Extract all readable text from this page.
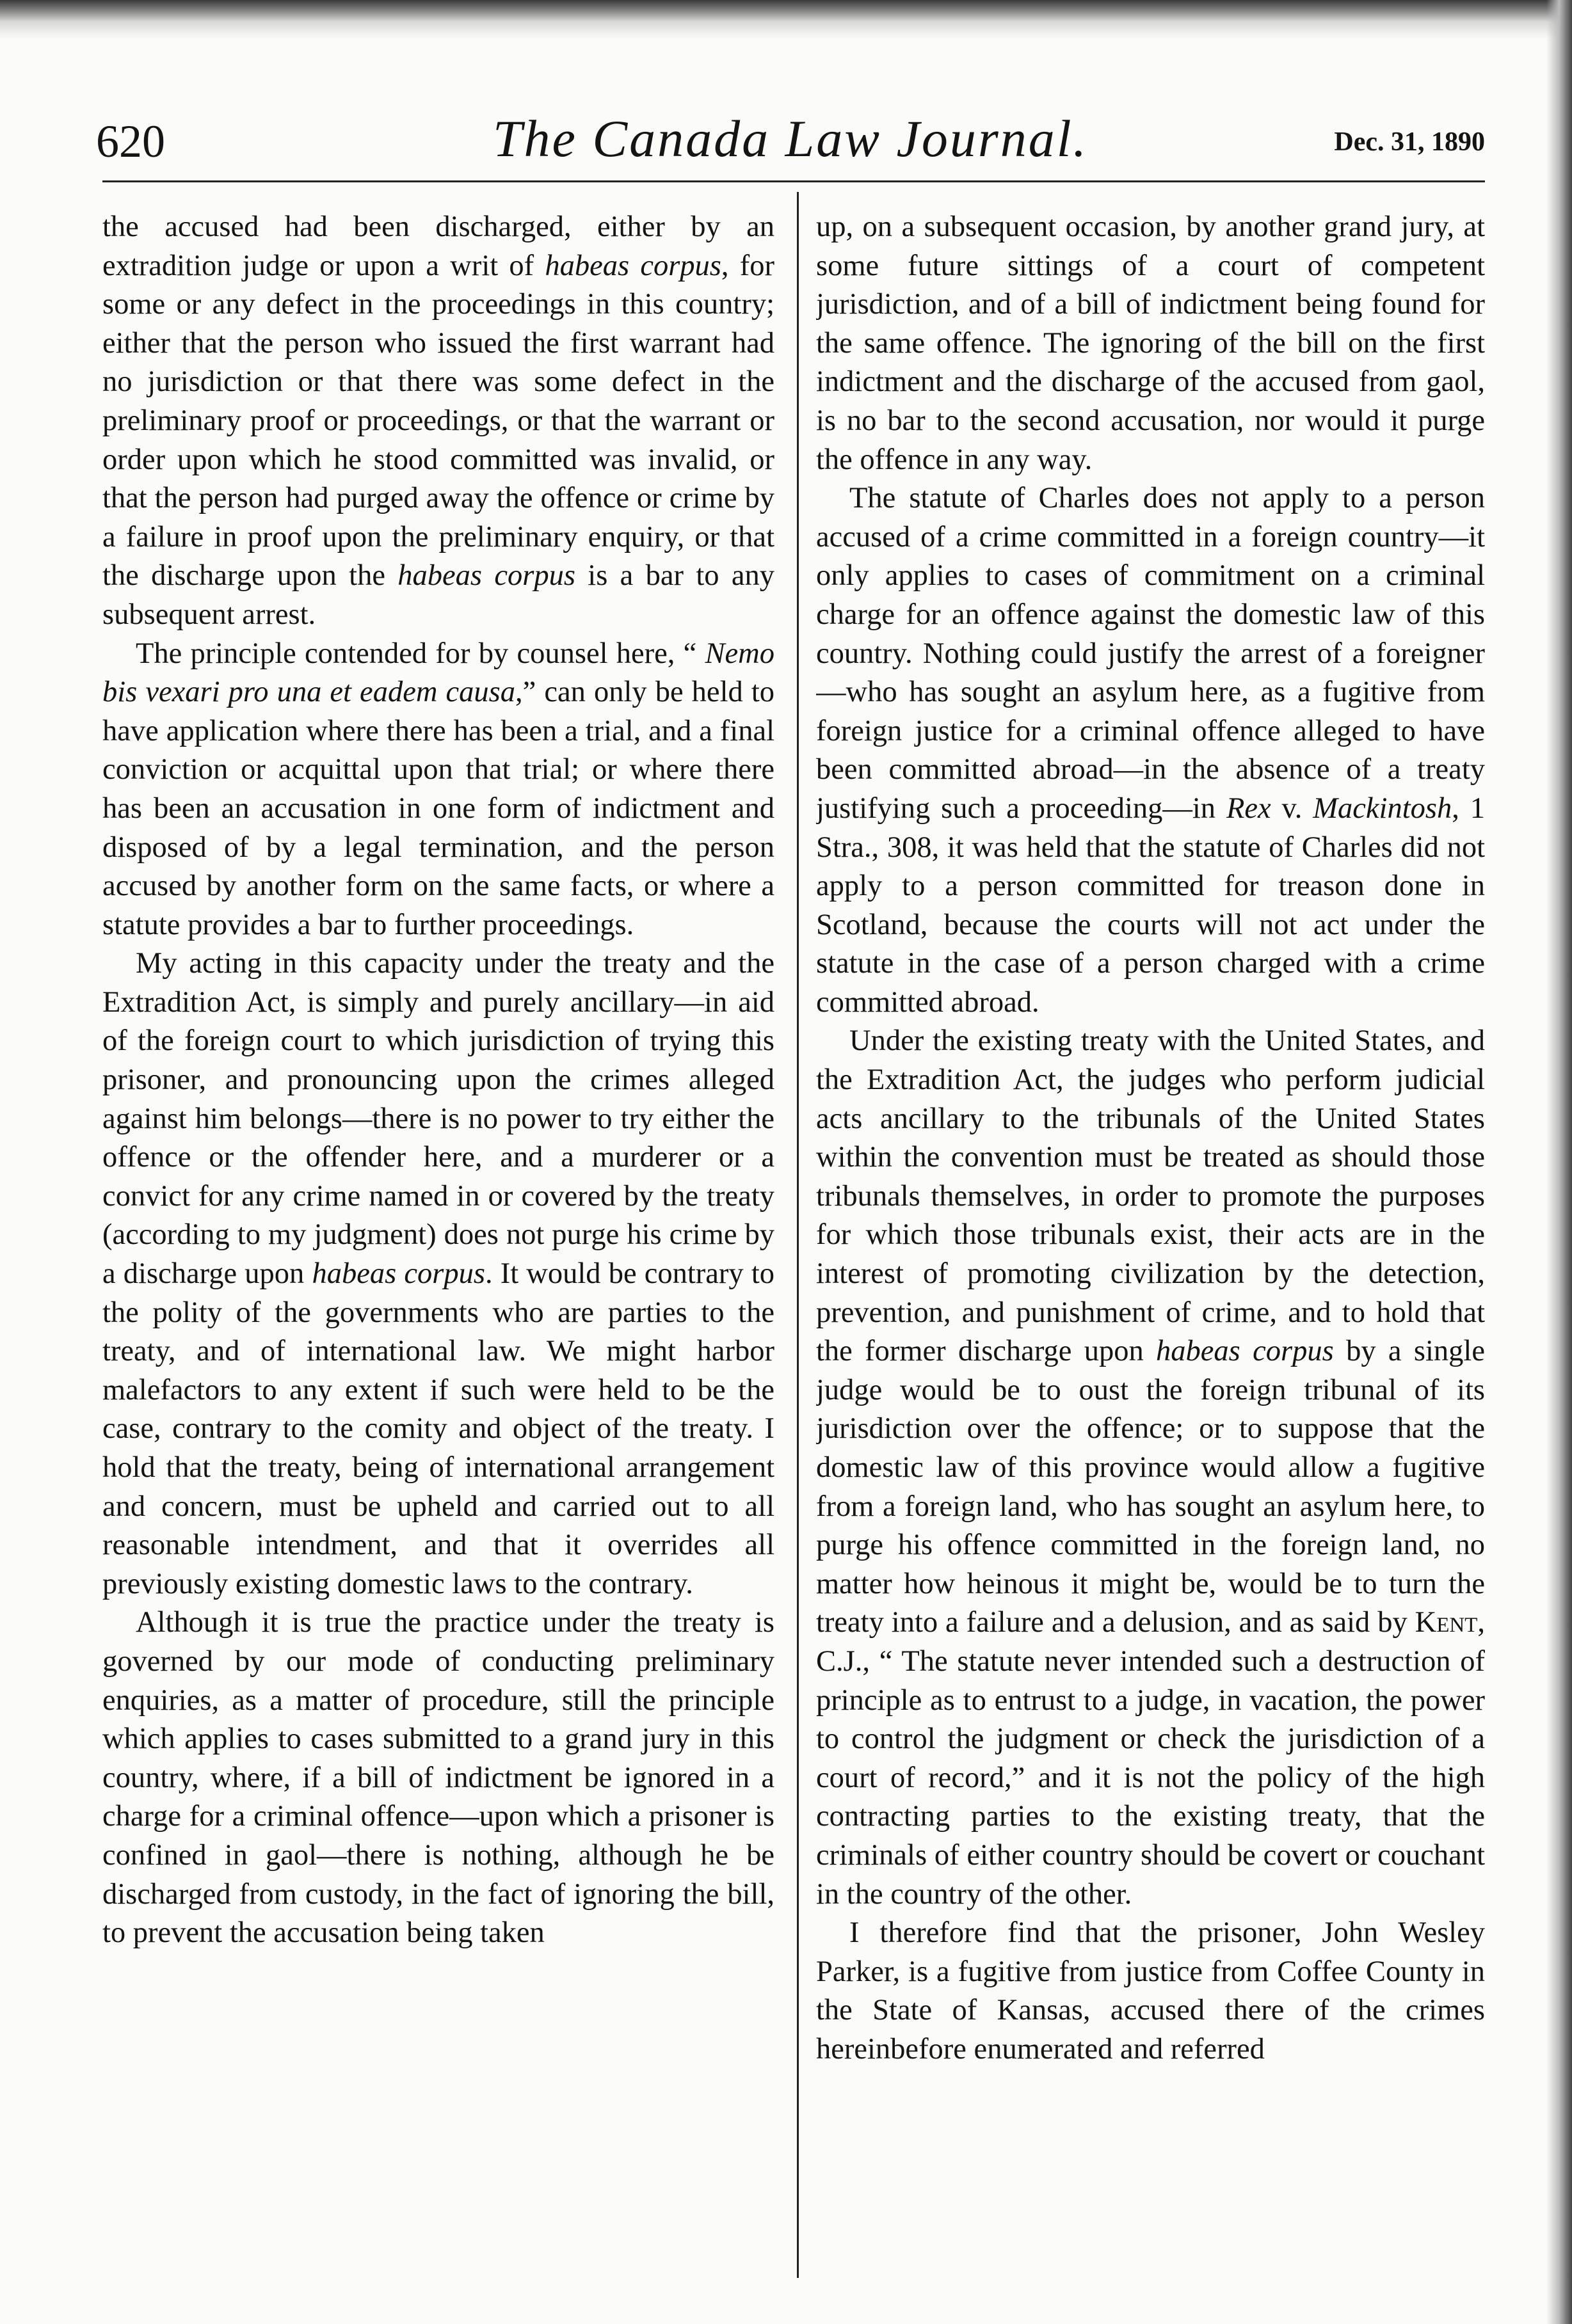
620	The Canada Law Journal.	Dec. 31, 1890

the accused had been discharged, either by an extradition judge or upon a writ of habeas corpus, for some or any defect in the proceedings in this country; either that the person who issued the first warrant had no jurisdiction or that there was some defect in the preliminary proof or proceedings, or that the warrant or order upon which he stood committed was invalid, or that the person had purged away the offence or crime by a failure in proof upon the preliminary enquiry, or that the discharge upon the habeas corpus is a bar to any subsequent arrest.

The principle contended for by counsel here, “ Nemo bis vexari pro una et eadem causa,” can only be held to have application where there has been a trial, and a final conviction or acquittal upon that trial; or where there has been an accusation in one form of indictment and disposed of by a legal termination, and the person accused by another form on the same facts, or where a statute provides a bar to further proceedings.

My acting in this capacity under the treaty and the Extradition Act, is simply and purely ancillary—in aid of the foreign court to which jurisdiction of trying this prisoner, and pronouncing upon the crimes alleged against him belongs—there is no power to try either the offence or the offender here, and a murderer or a convict for any crime named in or covered by the treaty (according to my judgment) does not purge his crime by a discharge upon habeas corpus. It would be contrary to the polity of the governments who are parties to the treaty, and of international law. We might harbor malefactors to any extent if such were held to be the case, contrary to the comity and object of the treaty. I hold that the treaty, being of international arrangement and concern, must be upheld and carried out to all reasonable intendment, and that it overrides all previously existing domestic laws to the contrary.

Although it is true the practice under the treaty is governed by our mode of conducting preliminary enquiries, as a matter of procedure, still the principle which applies to cases submitted to a grand jury in this country, where, if a bill of indictment be ignored in a charge for a criminal offence—upon which a prisoner is confined in gaol—there is nothing, although he be discharged from custody, in the fact of ignoring the bill, to prevent the accusation being taken

up, on a subsequent occasion, by another grand jury, at some future sittings of a court of competent jurisdiction, and of a bill of indictment being found for the same offence. The ignoring of the bill on the first indictment and the discharge of the accused from gaol, is no bar to the second accusation, nor would it purge the offence in any way.

The statute of Charles does not apply to a person accused of a crime committed in a foreign country—it only applies to cases of commitment on a criminal charge for an offence against the domestic law of this country. Nothing could justify the arrest of a foreigner—who has sought an asylum here, as a fugitive from foreign justice for a criminal offence alleged to have been committed abroad—in the absence of a treaty justifying such a proceeding—in Rex v. Mackintosh, 1 Stra., 308, it was held that the statute of Charles did not apply to a person committed for treason done in Scotland, because the courts will not act under the statute in the case of a person charged with a crime committed abroad.

Under the existing treaty with the United States, and the Extradition Act, the judges who perform judicial acts ancillary to the tribunals of the United States within the convention must be treated as should those tribunals themselves, in order to promote the purposes for which those tribunals exist, their acts are in the interest of promoting civilization by the detection, prevention, and punishment of crime, and to hold that the former discharge upon habeas corpus by a single judge would be to oust the foreign tribunal of its jurisdiction over the offence; or to suppose that the domestic law of this province would allow a fugitive from a foreign land, who has sought an asylum here, to purge his offence committed in the foreign land, no matter how heinous it might be, would be to turn the treaty into a failure and a delusion, and as said by Kent, C.J., “ The statute never intended such a destruction of principle as to entrust to a judge, in vacation, the power to control the judgment or check the jurisdiction of a court of record,” and it is not the policy of the high contracting parties to the existing treaty, that the criminals of either country should be covert or couchant in the country of the other.

I therefore find that the prisoner, John Wesley Parker, is a fugitive from justice from Coffee County in the State of Kansas, accused there of the crimes hereinbefore enumerated and referred
